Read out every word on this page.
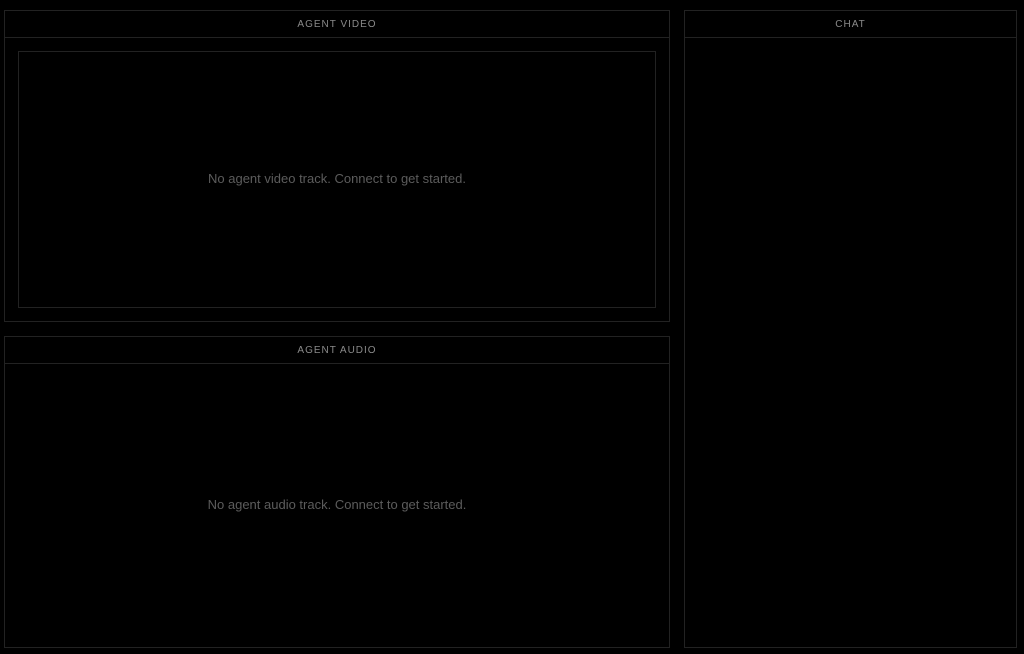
AGENT VIDEO
No agent video track. Connect to get started.
AGENT AUDIO
No agent audio track. Connect to get started.
CHAT
